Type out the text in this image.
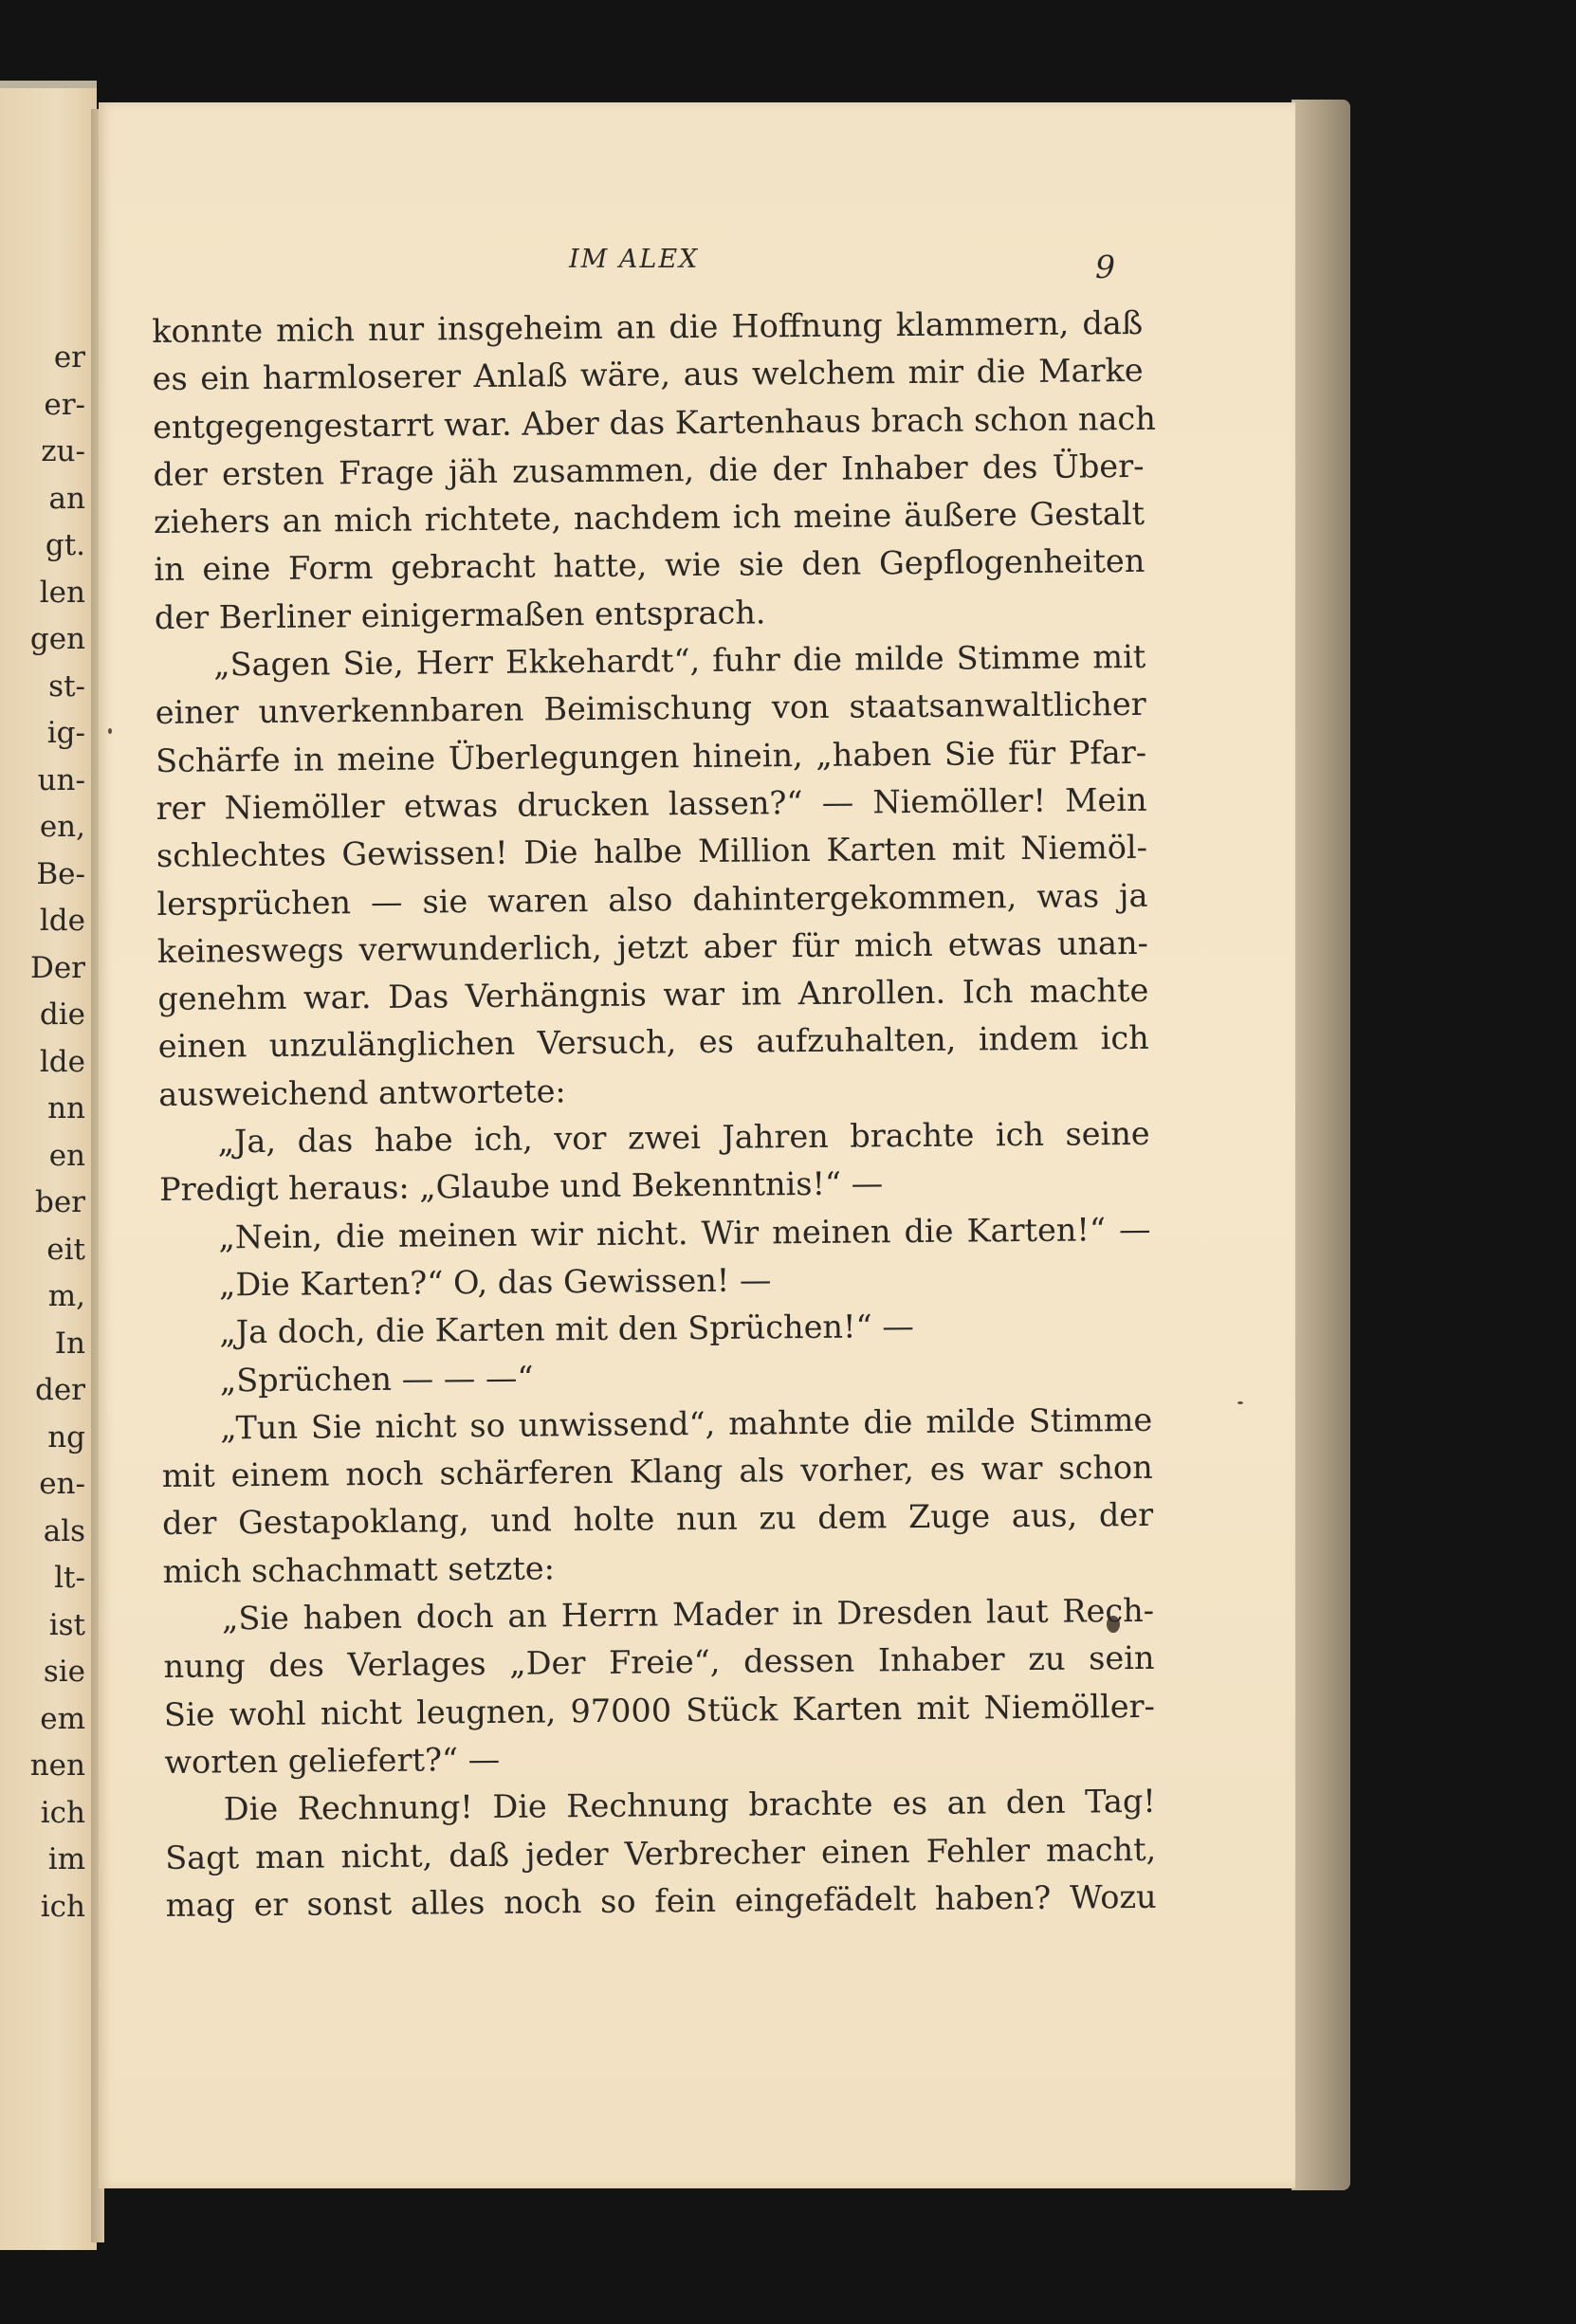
er
er-
zu-
an
gt.
len
gen
st-
ig-
un-
en,
Be-
lde
Der
die
lde
nn
en
ber
eit
m,
In
der
ng
en-
als
lt-
ist
sie
em
nen
ich
im
ich
IM ALEX	9
konnte mich nur insgeheim an die Hoffnung klammern, daß
es ein harmloserer Anlaß wäre, aus welchem mir die Marke
entgegengestarrt war. Aber das Kartenhaus brach schon nach
der ersten Frage jäh zusammen, die der Inhaber des Über-
ziehers an mich richtete, nachdem ich meine äußere Gestalt
in eine Form gebracht hatte, wie sie den Gepflogenheiten
der Berliner einigermaßen entsprach.
„Sagen Sie, Herr Ekkehardt“, fuhr die milde Stimme mit
einer unverkennbaren Beimischung von staatsanwaltlicher
Schärfe in meine Überlegungen hinein, „haben Sie für Pfar-
rer Niemöller etwas drucken lassen?“ — Niemöller! Mein
schlechtes Gewissen! Die halbe Million Karten mit Niemöl-
lersprüchen — sie waren also dahintergekommen, was ja
keineswegs verwunderlich, jetzt aber für mich etwas unan-
genehm war. Das Verhängnis war im Anrollen. Ich machte
einen unzulänglichen Versuch, es aufzuhalten, indem ich
ausweichend antwortete:
„Ja, das habe ich, vor zwei Jahren brachte ich seine
Predigt heraus: „Glaube und Bekenntnis!“ —
„Nein, die meinen wir nicht. Wir meinen die Karten!“ —
„Die Karten?“ O, das Gewissen! —
„Ja doch, die Karten mit den Sprüchen!“ —
„Sprüchen — — —“
„Tun Sie nicht so unwissend“, mahnte die milde Stimme
mit einem noch schärferen Klang als vorher, es war schon
der Gestapoklang, und holte nun zu dem Zuge aus, der
mich schachmatt setzte:
„Sie haben doch an Herrn Mader in Dresden laut Rech-
nung des Verlages „Der Freie“, dessen Inhaber zu sein
Sie wohl nicht leugnen, 97000 Stück Karten mit Niemöller-
worten geliefert?“ —
Die Rechnung! Die Rechnung brachte es an den Tag!
Sagt man nicht, daß jeder Verbrecher einen Fehler macht,
mag er sonst alles noch so fein eingefädelt haben? Wozu
